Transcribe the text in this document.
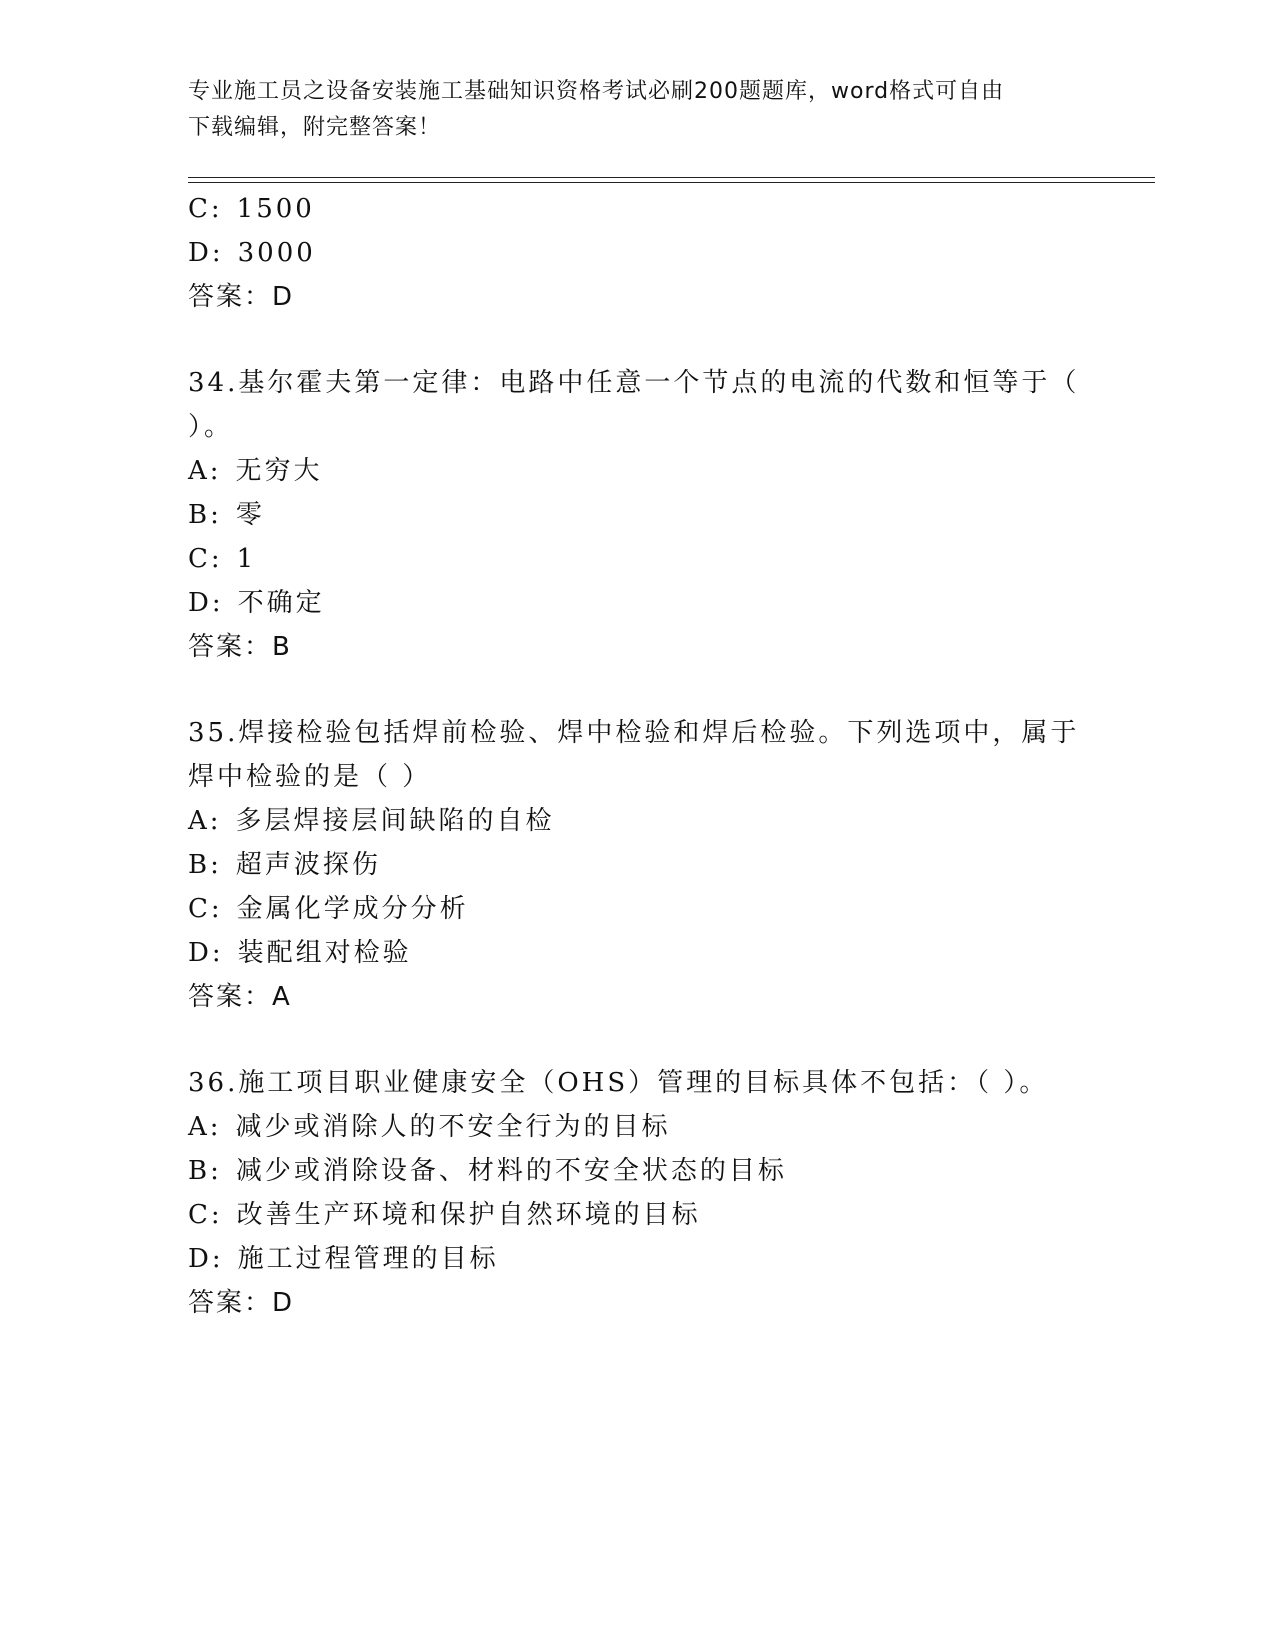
专业施工员之设备安装施工基础知识资格考试必刷200题题库，word格式可自由
下载编辑，附完整答案！
C: 1500
D: 3000
答案：D
34.基尔霍夫第一定律：电路中任意一个节点的电流的代数和恒等于（
）。
A: 无穷大
B: 零
C: 1
D: 不确定
答案：B
35.焊接检验包括焊前检验、焊中检验和焊后检验。下列选项中，属于
焊中检验的是（ ）
A: 多层焊接层间缺陷的自检
B: 超声波探伤
C: 金属化学成分分析
D: 装配组对检验
答案：A
36.施工项目职业健康安全（OHS）管理的目标具体不包括：（ ）。
A: 减少或消除人的不安全行为的目标
B: 减少或消除设备、材料的不安全状态的目标
C: 改善生产环境和保护自然环境的目标
D: 施工过程管理的目标
答案：D
